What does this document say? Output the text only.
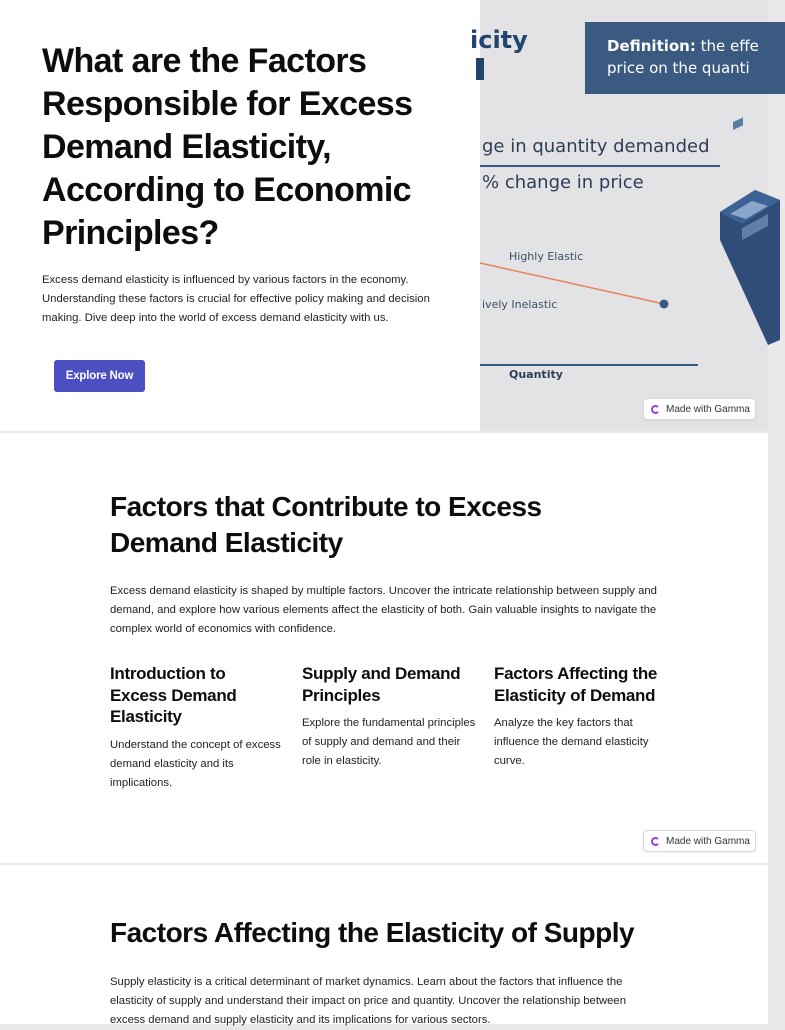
What are the Factors Responsible for Excess Demand Elasticity, According to Economic Principles?

Excess demand elasticity is influenced by various factors in the economy. Understanding these factors is crucial for effective policy making and decision making. Dive deep into the world of excess demand elasticity with us.

Explore Now
icity	Definition: the effe
price on the quanti
ge in quantity demanded
% change in price
Highly Elastic
ively Inelastic
Quantity
Made with Gamma
Factors that Contribute to Excess Demand Elasticity

Excess demand elasticity is shaped by multiple factors. Uncover the intricate relationship between supply and demand, and explore how various elements affect the elasticity of both. Gain valuable insights to navigate the complex world of economics with confidence.

Introduction to Excess Demand Elasticity

Understand the concept of excess demand elasticity and its implications.

Supply and Demand Principles

Explore the fundamental principles of supply and demand and their role in elasticity.

Factors Affecting the Elasticity of Demand

Analyze the key factors that influence the demand elasticity curve.

Made with Gamma
Factors Affecting the Elasticity of Supply

Supply elasticity is a critical determinant of market dynamics. Learn about the factors that influence the elasticity of supply and understand their impact on price and quantity. Uncover the relationship between excess demand and supply elasticity and its implications for various sectors.
